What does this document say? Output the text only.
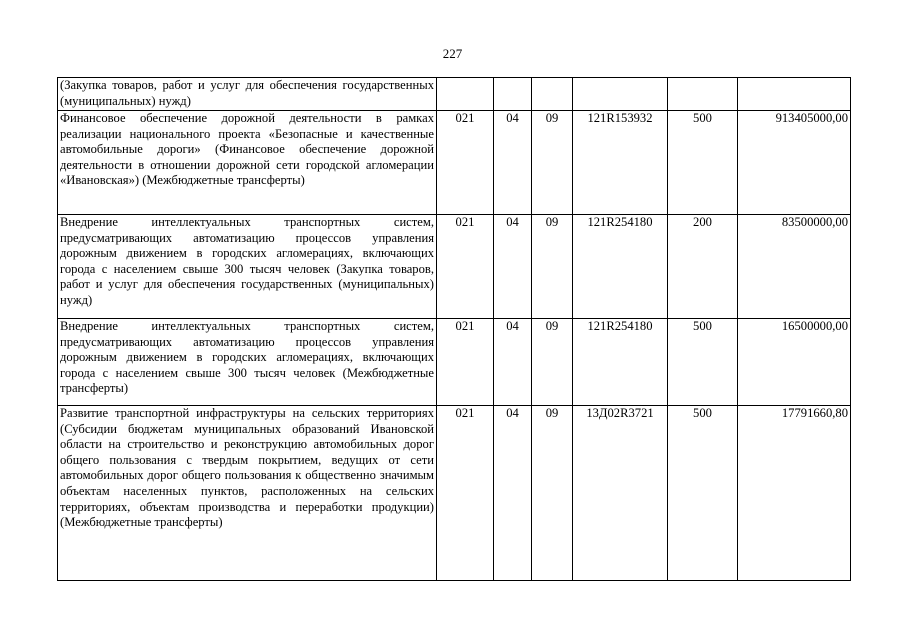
227
(Закупка товаров, работ и услуг для обеспечения государственных (муниципальных) нужд)						
Финансовое обеспечение дорожной деятельности в рамках реализации национального проекта «Безопасные и качественные автомобильные дороги» (Финансовое обеспечение дорожной деятельности в отношении дорожной сети городской агломерации «Ивановская») (Межбюджетные трансферты)	021	04	09	121R153932	500	913405000,00
Внедрение интеллектуальных транспортных систем, предусматривающих автоматизацию процессов управления дорожным движением в городских агломерациях, включающих города с населением свыше 300 тысяч человек (Закупка товаров, работ и услуг для обеспечения государственных (муниципальных) нужд)	021	04	09	121R254180	200	83500000,00
Внедрение интеллектуальных транспортных систем, предусматривающих автоматизацию процессов управления дорожным движением в городских агломерациях, включающих города с населением свыше 300 тысяч человек (Межбюджетные трансферты)	021	04	09	121R254180	500	16500000,00
Развитие транспортной инфраструктуры на сельских территориях (Субсидии бюджетам муниципальных образований Ивановской области на строительство и реконструкцию автомобильных дорог общего пользования с твердым покрытием, ведущих от сети автомобильных дорог общего пользования к общественно значимым объектам населенных пунктов, расположенных на сельских территориях, объектам производства и переработки продукции) (Межбюджетные трансферты)	021	04	09	13Д02R3721	500	17791660,80
